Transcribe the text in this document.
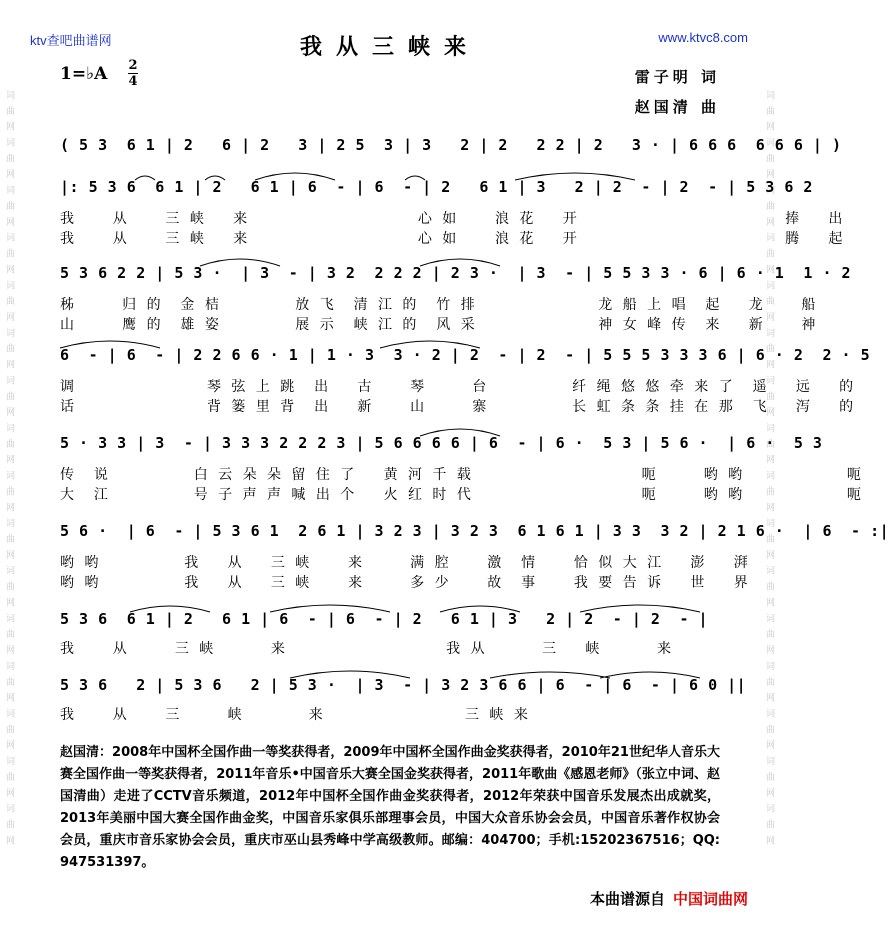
词 曲 网 词 曲 网 词 曲 网 词 曲 网 词 曲 网 词 曲 网 词 曲 网 词 曲 网 词 曲 网 词 曲 网 词 曲 网 词 曲 网 词 曲 网 词 曲 网 词 曲 网 词 曲 网	词 曲 网 词 曲 网 词 曲 网 词 曲 网 词 曲 网 词 曲 网 词 曲 网 词 曲 网 词 曲 网 词 曲 网 词 曲 网 词 曲 网 词 曲 网 词 曲 网 词 曲 网 词 曲 网
ktv查吧曲谱网	www.ktvc8.com
我从三峡来
1=♭A 2
4	雷子明 词
赵国清 曲
( 5 3  6 1 | 2   6 | 2   3 | 2 5  3 | 3   2 | 2   2 2 | 2   3 · | 6 6 6  6 6 6 | )
|: 5 3 6  6 1 | 2   6 1 | 6  - | 6  - | 2   6 1 | 3   2 | 2  - | 2  - | 5 3 6 2
我    从    三 峡   来                  心 如    浪 花   开                      捧   出
我    从    三 峡   来                  心 如    浪 花   开                      腾   起
5 3 6 2 2 | 5 3 ·  | 3  - | 3 2  2 2 2 | 2 3 ·  | 3  - | 5 5 3 3 · 6 | 6 · 1  1 · 2
秭     归 的  金 桔        放 飞  清 江 的  竹 排             龙 船 上 唱  起   龙    船
山     鹰 的  雄 姿        展 示  峡 江 的  风 采             神 女 峰 传  来   新    神
6  - | 6  - | 2 2 6 6 · 1 | 1 · 3  3 · 2 | 2  - | 2  - | 5 5 5 3 3 3 6 | 6 · 2  2 · 5
调              琴 弦 上 跳  出   古    琴     台         纤 绳 悠 悠 牵 来 了  遥   远   的
话              背 篓 里 背  出   新    山     寨         长 虹 条 条 挂 在 那  飞   泻   的
5 · 3 3 | 3  - | 3 3 3 2 2 2 3 | 5 6 6 6 6 | 6  - | 6 ·  5 3 | 5 6 ·  | 6 ·  5 3
传  说         白 云 朵 朵 留 住 了   黄 河 千 载                  呃     哟 哟           呃
大  江         号 子 声 声 喊 出 个   火 红 时 代                  呃     哟 哟           呃
5 6 ·  | 6  - | 5 3 6 1  2 6 1 | 3 2 3 | 3 2 3  6 1 6 1 | 3 3  3 2 | 2 1 6 ·  | 6  - :|
哟 哟         我   从   三 峡    来     满 腔    激  情    恰 似 大 江   澎   湃
哟 哟         我   从   三 峡    来     多 少    故  事    我 要 告 诉   世   界
5 3 6  6 1 | 2   6 1 | 6  - | 6  - | 2   6 1 | 3   2 | 2  - | 2  - |
我    从     三 峡      来                 我 从      三   峡      来
5 3 6   2 | 5 3 6   2 | 5 3 ·  | 3  - | 3 2 3 6 6 | 6  - | 6  - | 6 0 ||
我    从    三     峡       来               三 峡 来
赵国清：2008年中国杯全国作曲一等奖获得者，2009年中国杯全国作曲金奖获得者，2010年21世纪华人音乐大赛全国作曲一等奖获得者，2011年音乐•中国音乐大赛全国金奖获得者，2011年歌曲《感恩老师》（张立中词、赵国清曲）走进了CCTV音乐频道，2012年中国杯全国作曲金奖获得者，2012年荣获中国音乐发展杰出成就奖，2013年美丽中国大赛全国作曲金奖，中国音乐家俱乐部理事会员，中国大众音乐协会会员，中国音乐著作权协会会员，重庆市音乐家协会会员，重庆市巫山县秀峰中学高级教师。邮编：404700；手机:15202367516；QQ: 947531397。
本曲谱源自 中国词曲网
